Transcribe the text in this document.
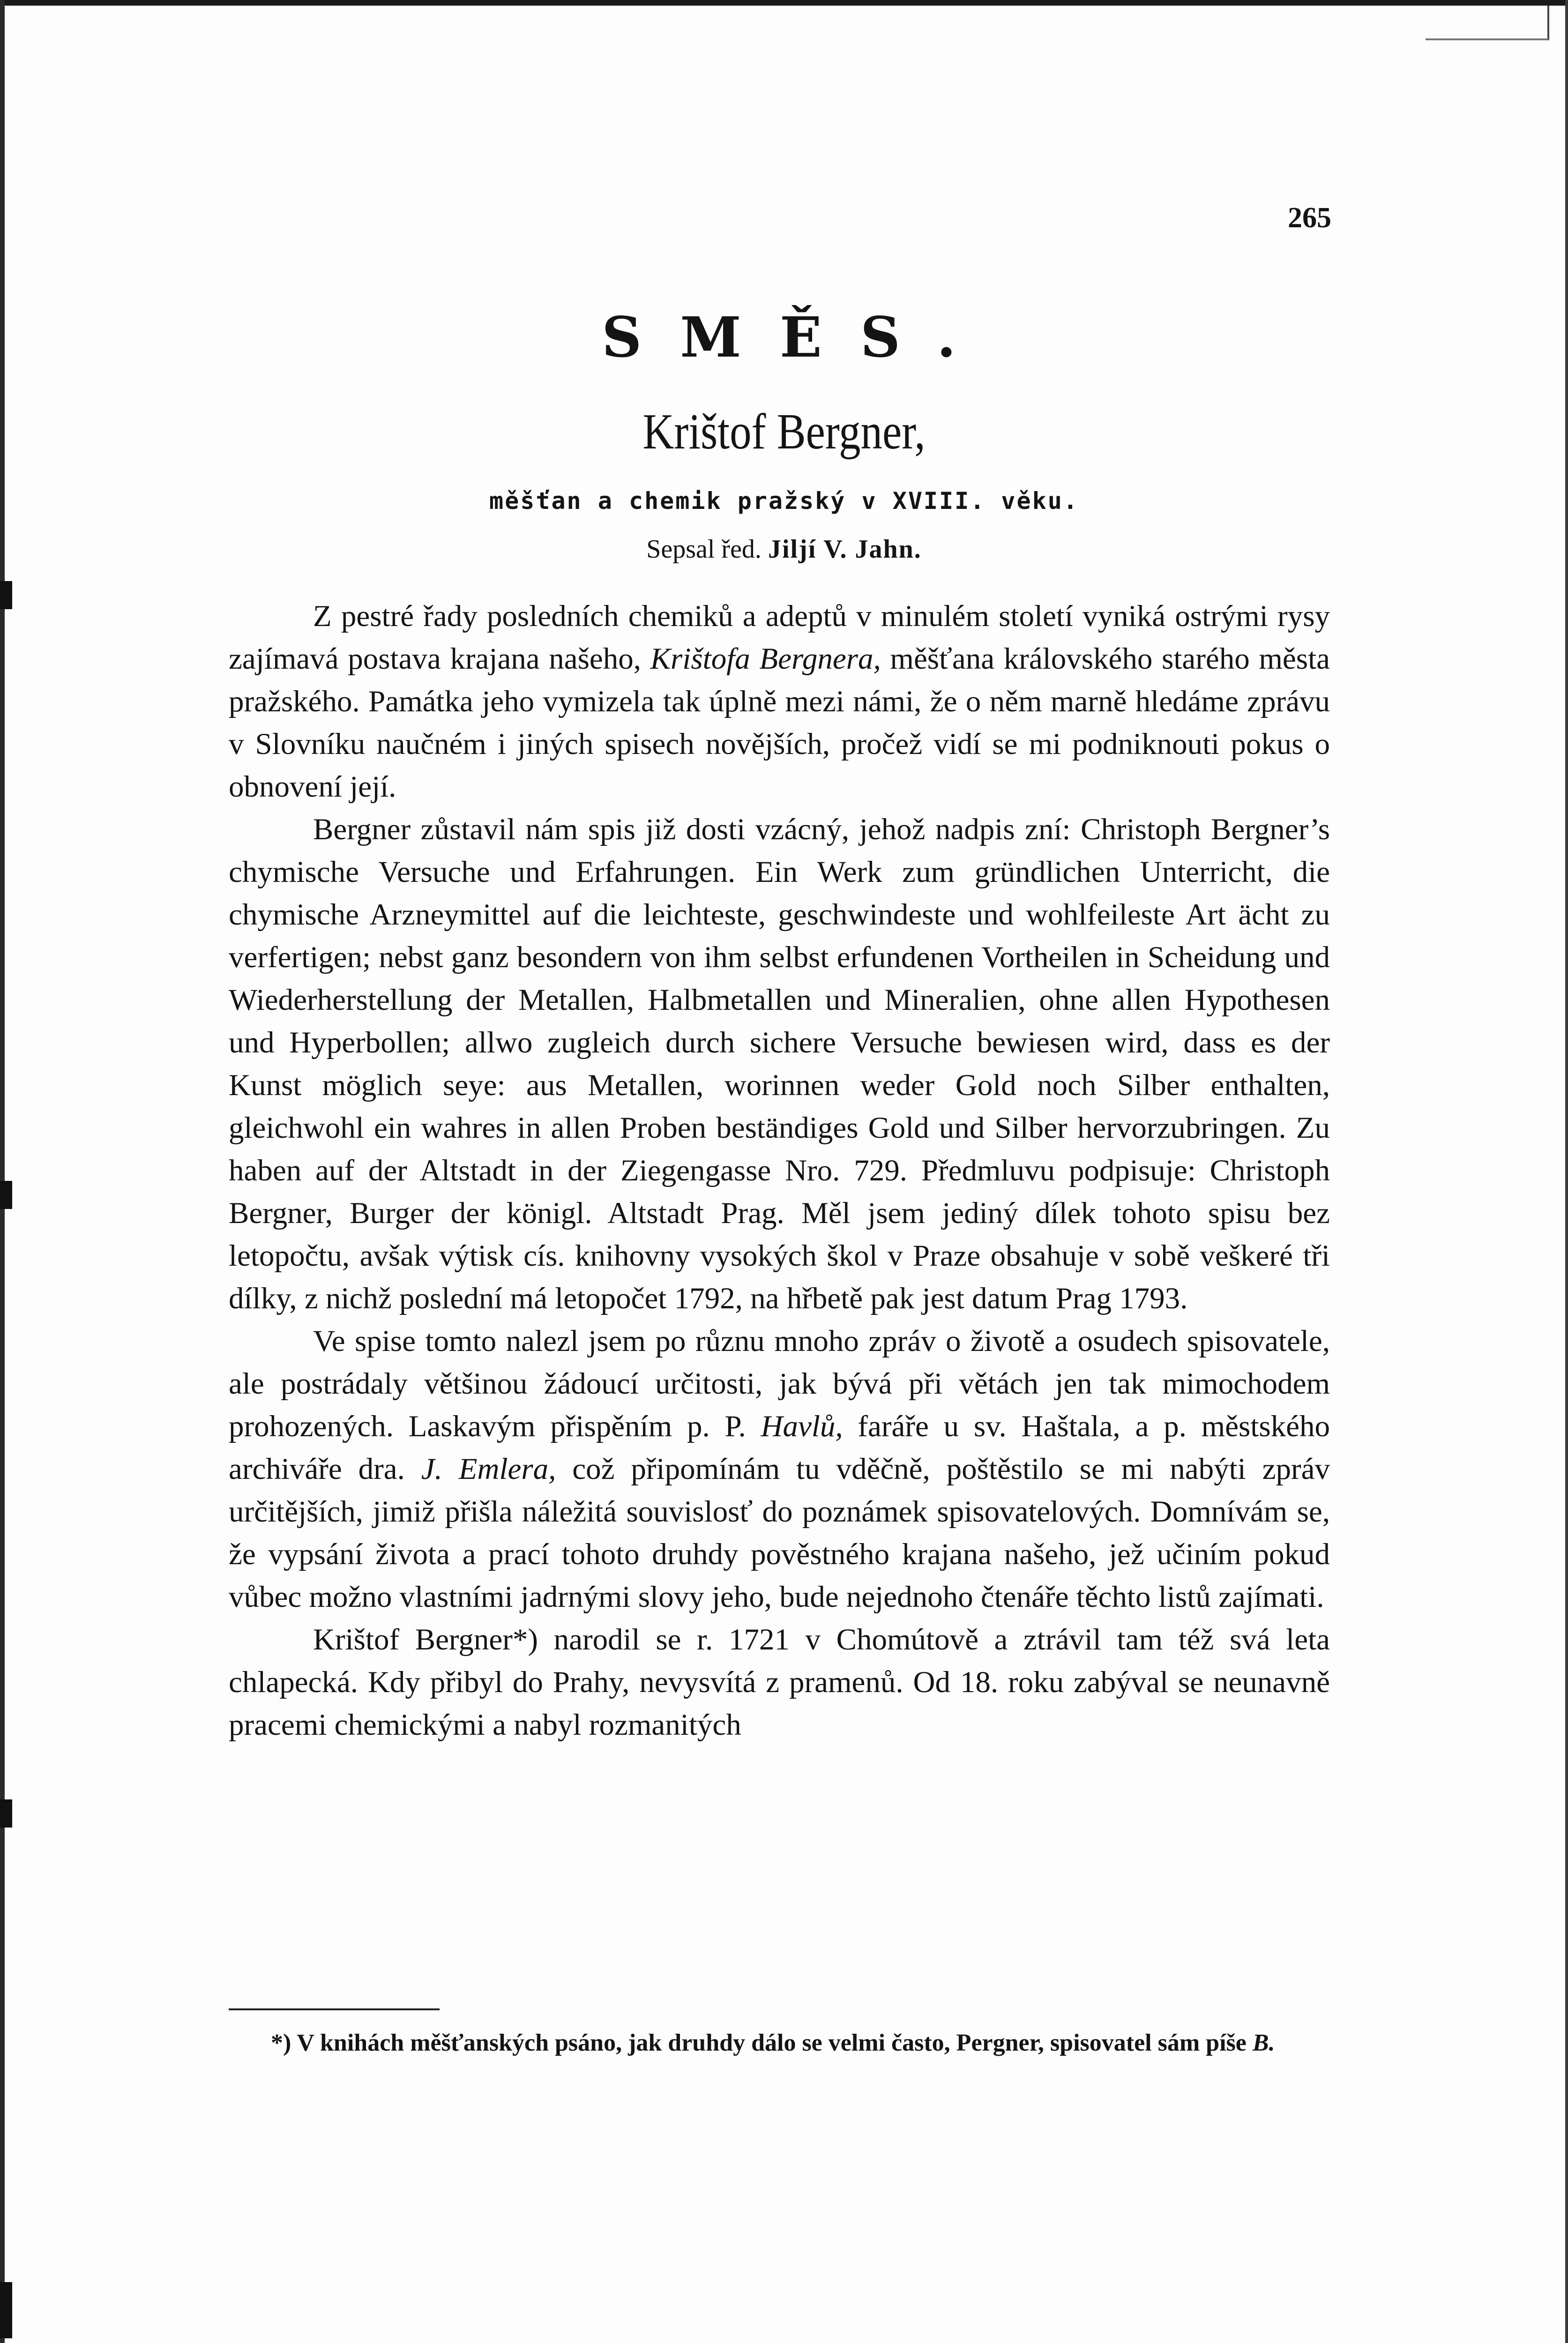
265
SMĚS.
Krištof Bergner,
měšťan a chemik pražský v XVIII. věku.
Sepsal řed. Jiljí V. Jahn.

Z pestré řady posledních chemiků a adeptů v minulém století vyniká ostrými rysy zajímavá postava krajana našeho, Krištofa Bergnera, měšťana královského starého města pražského. Památka jeho vymizela tak úplně mezi námi, že o něm marně hledáme zprávu v Slovníku naučném i jiných spisech novějších, pročež vidí se mi podniknouti pokus o obnovení její.

Bergner zůstavil nám spis již dosti vzácný, jehož nadpis zní: Christoph Bergner’s chymische Versuche und Erfahrungen. Ein Werk zum gründlichen Unterricht, die chymische Arzneymittel auf die leichteste, geschwindeste und wohlfeileste Art ächt zu verfertigen; nebst ganz besondern von ihm selbst erfundenen Vortheilen in Scheidung und Wiederherstellung der Metallen, Halbmetallen und Mineralien, ohne allen Hypothesen und Hyperbollen; allwo zugleich durch sichere Versuche bewiesen wird, dass es der Kunst möglich seye: aus Metallen, worinnen weder Gold noch Silber enthalten, gleichwohl ein wahres in allen Proben beständiges Gold und Silber hervorzubringen. Zu haben auf der Altstadt in der Ziegengasse Nro. 729. Předmluvu podpisuje: Christoph Bergner, Burger der königl. Altstadt Prag. Měl jsem jediný dílek tohoto spisu bez letopočtu, avšak výtisk cís. knihovny vysokých škol v Praze obsahuje v sobě veškeré tři dílky, z nichž poslední má letopočet 1792, na hřbetě pak jest datum Prag 1793.

Ve spise tomto nalezl jsem po různu mnoho zpráv o životě a osudech spisovatele, ale postrádaly většinou žádoucí určitosti, jak bývá při větách jen tak mimochodem prohozených. Laskavým přispěním p. P. Havlů, faráře u sv. Haštala, a p. městského archiváře dra. J. Emlera, což připomínám tu vděčně, poštěstilo se mi nabýti zpráv určitějších, jimiž přišla náležitá souvislosť do poznámek spisovatelových. Domnívám se, že vypsání života a prací tohoto druhdy pověstného krajana našeho, jež učiním pokud vůbec možno vlastními jadrnými slovy jeho, bude nejednoho čtenáře těchto listů zajímati.

Krištof Bergner*) narodil se r. 1721 v Chomútově a ztrávil tam též svá leta chlapecká. Kdy přibyl do Prahy, nevysvítá z pramenů. Od 18. roku zabýval se neunavně pracemi chemickými a nabyl rozmanitých

*) V knihách měšťanských psáno, jak druhdy dálo se velmi často, Pergner, spisovatel sám píše B.
